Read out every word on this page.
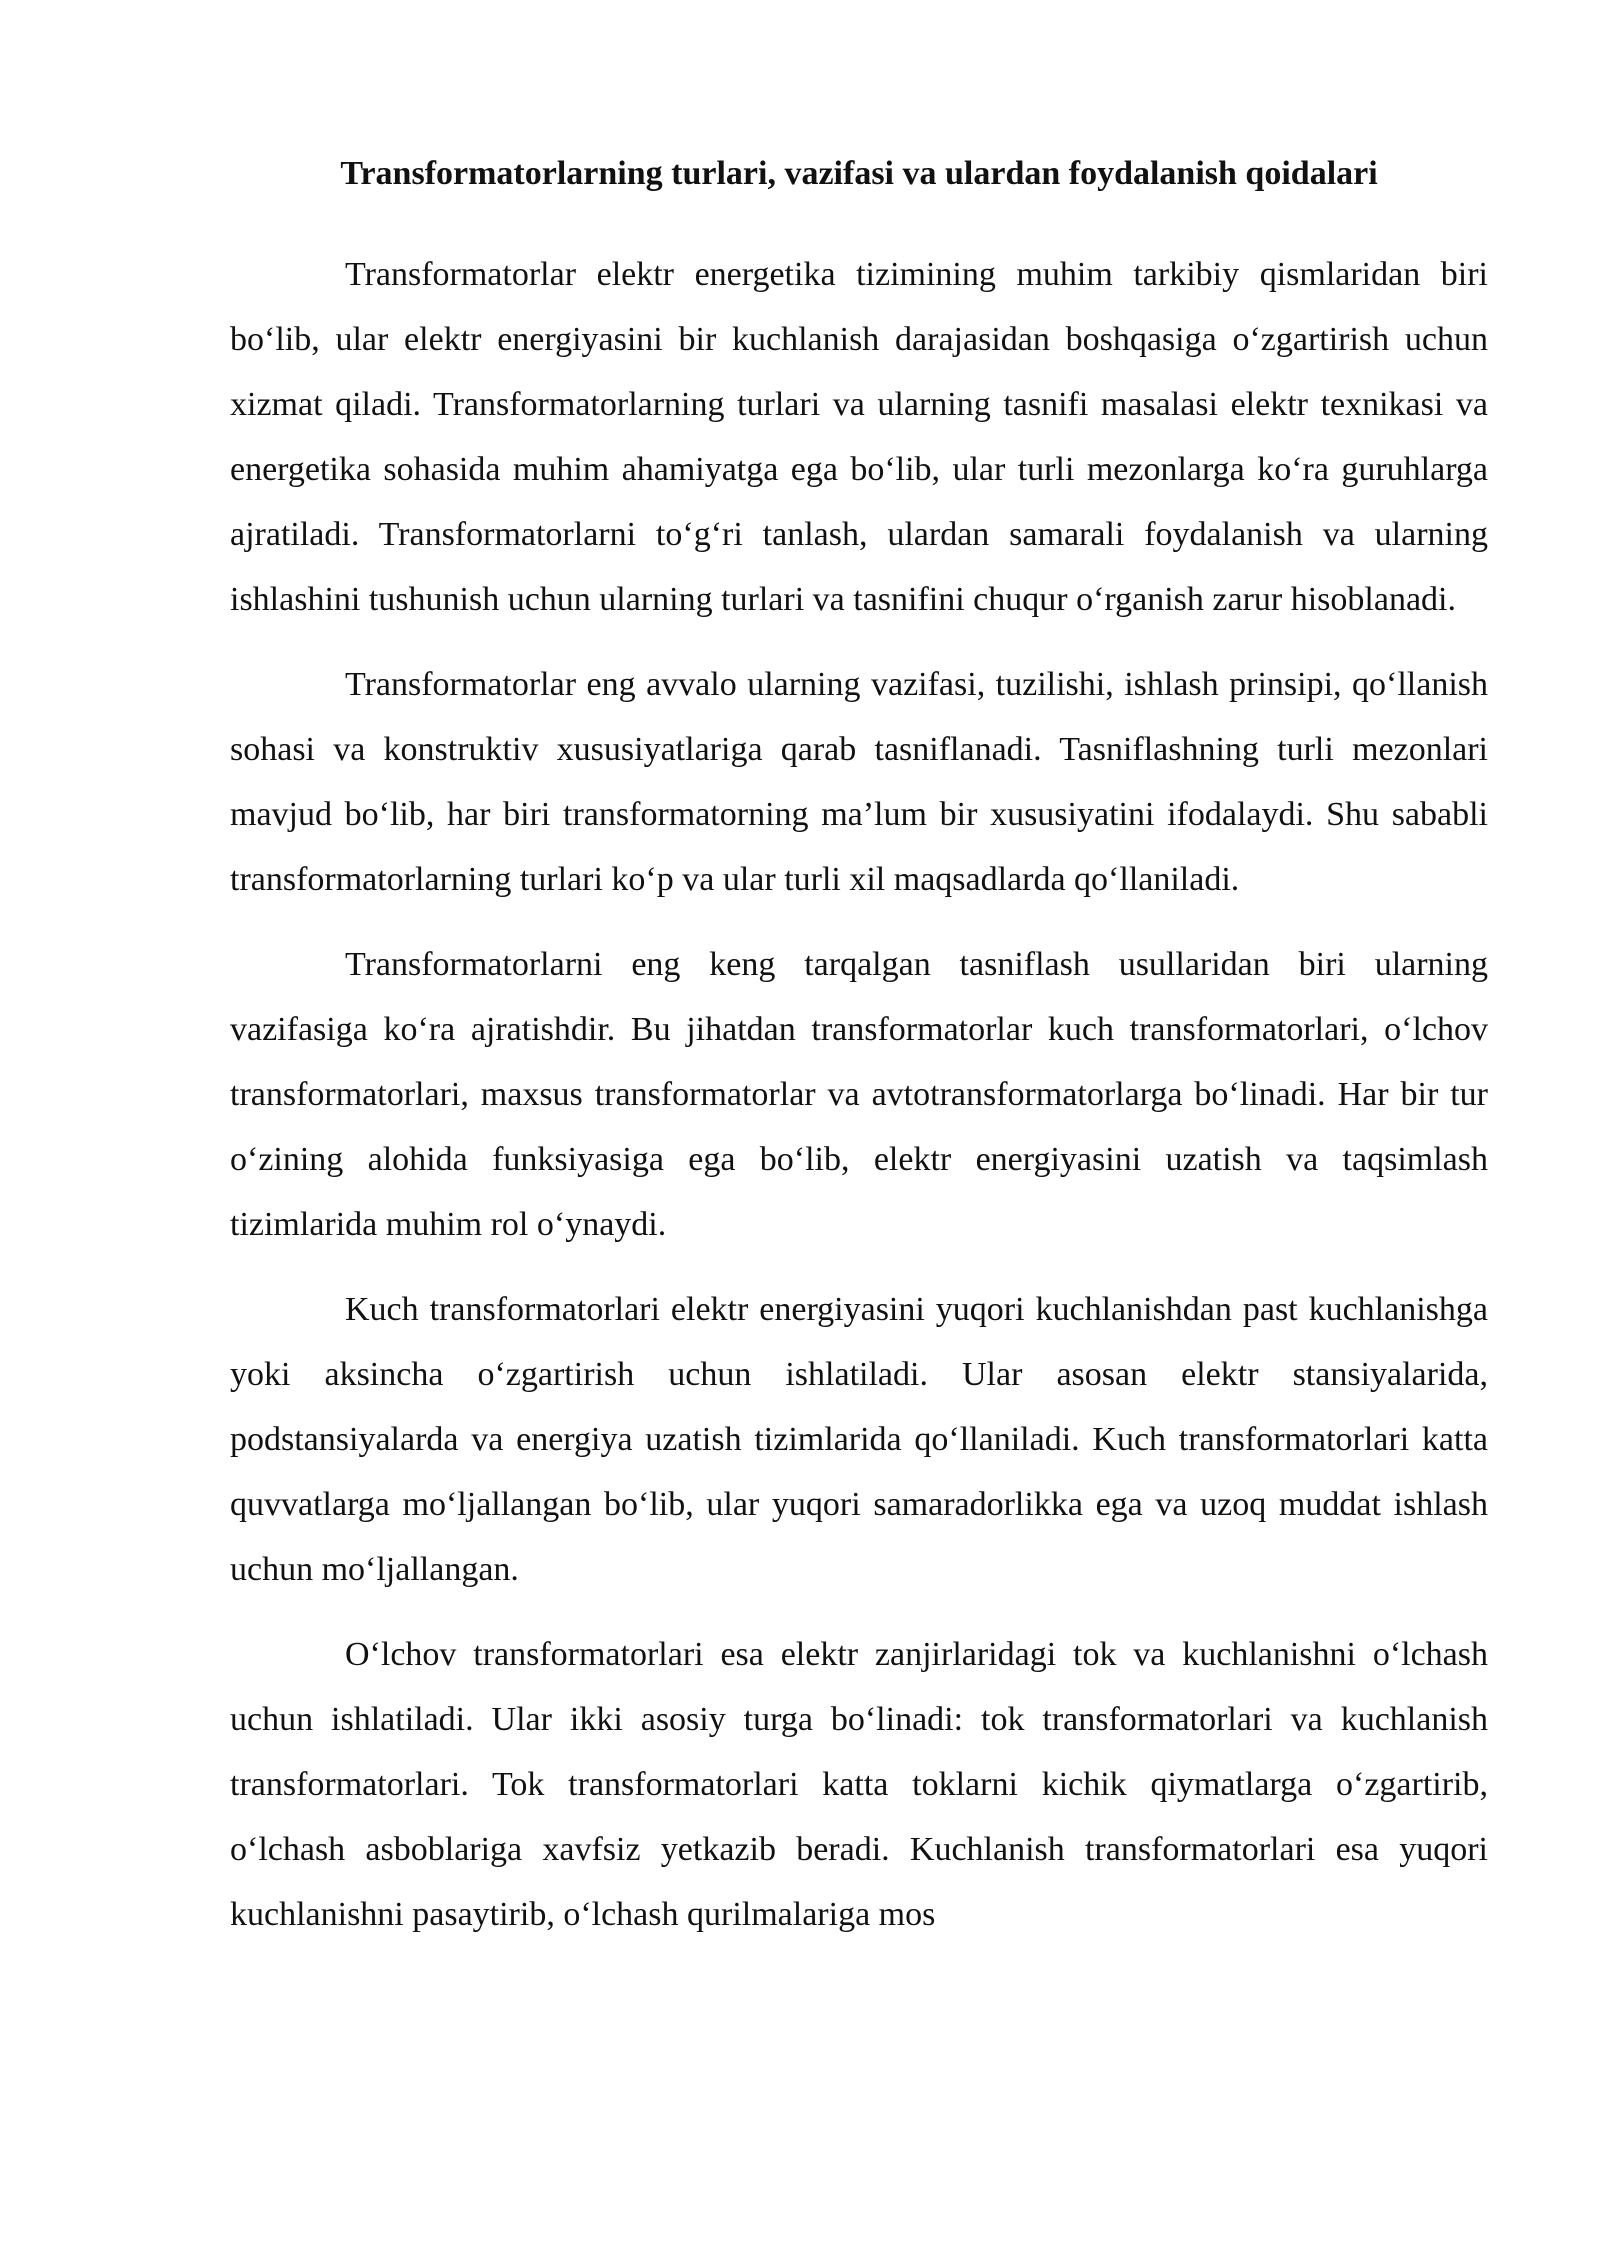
Transformatorlarning turlari, vazifasi va ulardan foydalanish qoidalari

Transformatorlar elektr energetika tizimining muhim tarkibiy qismlaridan biri bo‘lib, ular elektr energiyasini bir kuchlanish darajasidan boshqasiga o‘zgartirish uchun xizmat qiladi. Transformatorlarning turlari va ularning tasnifi masalasi elektr texnikasi va energetika sohasida muhim ahamiyatga ega bo‘lib, ular turli mezonlarga ko‘ra guruhlarga ajratiladi. Transformatorlarni to‘g‘ri tanlash, ulardan samarali foydalanish va ularning ishlashini tushunish uchun ularning turlari va tasnifini chuqur o‘rganish zarur hisoblanadi.

Transformatorlar eng avvalo ularning vazifasi, tuzilishi, ishlash prinsipi, qo‘llanish sohasi va konstruktiv xususiyatlariga qarab tasniflanadi. Tasniflashning turli mezonlari mavjud bo‘lib, har biri transformatorning ma’lum bir xususiyatini ifodalaydi. Shu sababli transformatorlarning turlari ko‘p va ular turli xil maqsadlarda qo‘llaniladi.

Transformatorlarni eng keng tarqalgan tasniflash usullaridan biri ularning vazifasiga ko‘ra ajratishdir. Bu jihatdan transformatorlar kuch transformatorlari, o‘lchov transformatorlari, maxsus transformatorlar va avtotransformatorlarga bo‘linadi. Har bir tur o‘zining alohida funksiyasiga ega bo‘lib, elektr energiyasini uzatish va taqsimlash tizimlarida muhim rol o‘ynaydi.

Kuch transformatorlari elektr energiyasini yuqori kuchlanishdan past kuchlanishga yoki aksincha o‘zgartirish uchun ishlatiladi. Ular asosan elektr stansiyalarida, podstansiyalarda va energiya uzatish tizimlarida qo‘llaniladi. Kuch transformatorlari katta quvvatlarga mo‘ljallangan bo‘lib, ular yuqori samaradorlikka ega va uzoq muddat ishlash uchun mo‘ljallangan.

O‘lchov transformatorlari esa elektr zanjirlaridagi tok va kuchlanishni o‘lchash uchun ishlatiladi. Ular ikki asosiy turga bo‘linadi: tok transformatorlari va kuchlanish transformatorlari. Tok transformatorlari katta toklarni kichik qiymatlarga o‘zgartirib, o‘lchash asboblariga xavfsiz yetkazib beradi. Kuchlanish transformatorlari esa yuqori kuchlanishni pasaytirib, o‘lchash qurilmalariga mos
